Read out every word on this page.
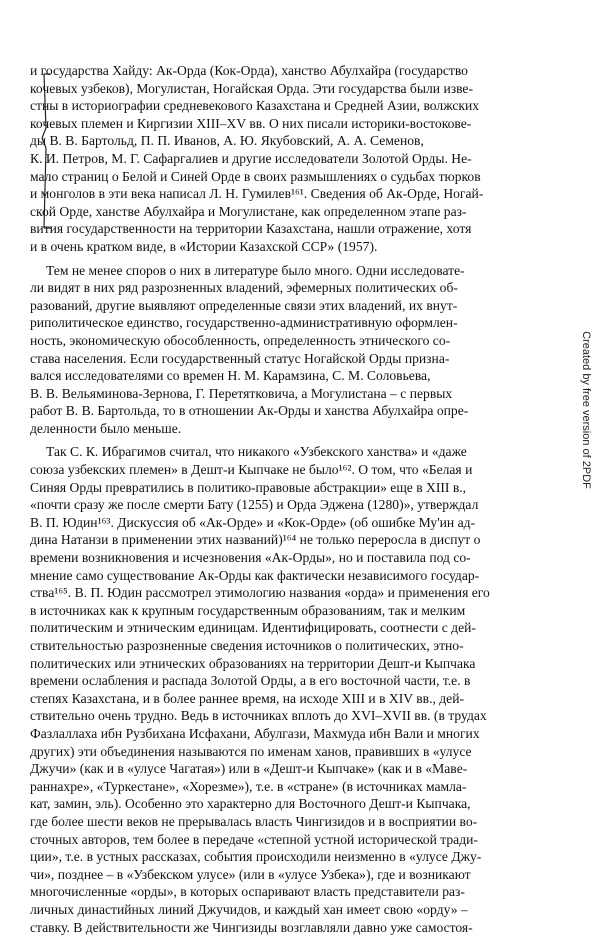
и государства Хайду: Ак-Орда (Кок-Орда), ханство Абулхайра (государство
кочевых узбеков), Могулистан, Ногайская Орда. Эти государства были изве-
стны в историографии средневекового Казахстана и Средней Азии, волжских
кочевых племен и Киргизии XIII–XV вв. О них писали историки-востокове-
ды В. В. Бартольд, П. П. Иванов, А. Ю. Якубовский, А. А. Семенов,
К. И. Петров, М. Г. Сафаргалиев и другие исследователи Золотой Орды. Не-
мало страниц о Белой и Синей Орде в своих размышлениях о судьбах тюрков
и монголов в эти века написал Л. Н. Гумилев¹⁶¹. Сведения об Ак-Орде, Ногай-
ской Орде, ханстве Абулхайра и Могулистане, как определенном этапе раз-
вития государственности на территории Казахстана, нашли отражение, хотя
и в очень кратком виде, в «Истории Казахской ССР» (1957).
Тем не менее споров о них в литературе было много. Одни исследовате-
ли видят в них ряд разрозненных владений, эфемерных политических об-
разований, другие выявляют определенные связи этих владений, их внут-
риполитическое единство, государственно-административную оформлен-
ность, экономическую обособленность, определенность этнического со-
става населения. Если государственный статус Ногайской Орды призна-
вался исследователями со времен Н. М. Карамзина, С. М. Соловьева,
В. В. Вельяминова-Зернова, Г. Перетятковича, а Могулистана – с первых
работ В. В. Бартольда, то в отношении Ак-Орды и ханства Абулхайра опре-
деленности было меньше.
Так С. К. Ибрагимов считал, что никакого «Узбекского ханства» и «даже
союза узбекских племен» в Дешт-и Кыпчаке не было¹⁶². О том, что «Белая и
Синяя Орды превратились в политико-правовые абстракции» еще в XIII в.,
«почти сразу же после смерти Бату (1255) и Орда Эджена (1280)», утверждал
В. П. Юдин¹⁶³. Дискуссия об «Ак-Орде» и «Кок-Орде» (об ошибке Му'ин ад-
дина Натанзи в применении этих названий)¹⁶⁴ не только переросла в диспут о
времени возникновения и исчезновения «Ак-Орды», но и поставила под со-
мнение само существование Ак-Орды как фактически независимого государ-
ства¹⁶⁵. В. П. Юдин рассмотрел этимологию названия «орда» и применения его
в источниках как к крупным государственным образованиям, так и мелким
политическим и этническим единицам. Идентифицировать, соотнести с дей-
ствительностью разрозненные сведения источников о политических, этно-
политических или этнических образованиях на территории Дешт-и Кыпчака
времени ослабления и распада Золотой Орды, а в его восточной части, т.е. в
степях Казахстана, и в более раннее время, на исходе XIII и в XIV вв., дей-
ствительно очень трудно. Ведь в источниках вплоть до XVI–XVII вв. (в трудах
Фазлаллаха ибн Рузбихана Исфахани, Абулгази, Махмуда ибн Вали и многих
других) эти объединения называются по именам ханов, правивших в «улусе
Джучи» (как и в «улусе Чагатая») или в «Дешт-и Кыпчаке» (как и в «Мавe-
раннахре», «Туркестане», «Хорезме»), т.е. в «стране» (в источниках мамла-
кат, замин, эль). Особенно это характерно для Восточного Дешт-и Кыпчака,
где более шести веков не прерывалась власть Чингизидов и в восприятии во-
сточных авторов, тем более в передаче «степной устной исторической тради-
ции», т.е. в устных рассказах, события происходили неизменно в «улусе Джу-
чи», позднее – в «Узбекском улусе» (или в «улусе Узбека»), где и возникают
многочисленные «орды», в которых оспаривают власть представители раз-
личных династийных линий Джучидов, и каждый хан имеет свою «орду» –
ставку. В действительности же Чингизиды возглавляли давно уже самостоя-
Created by free version of 2PDF
